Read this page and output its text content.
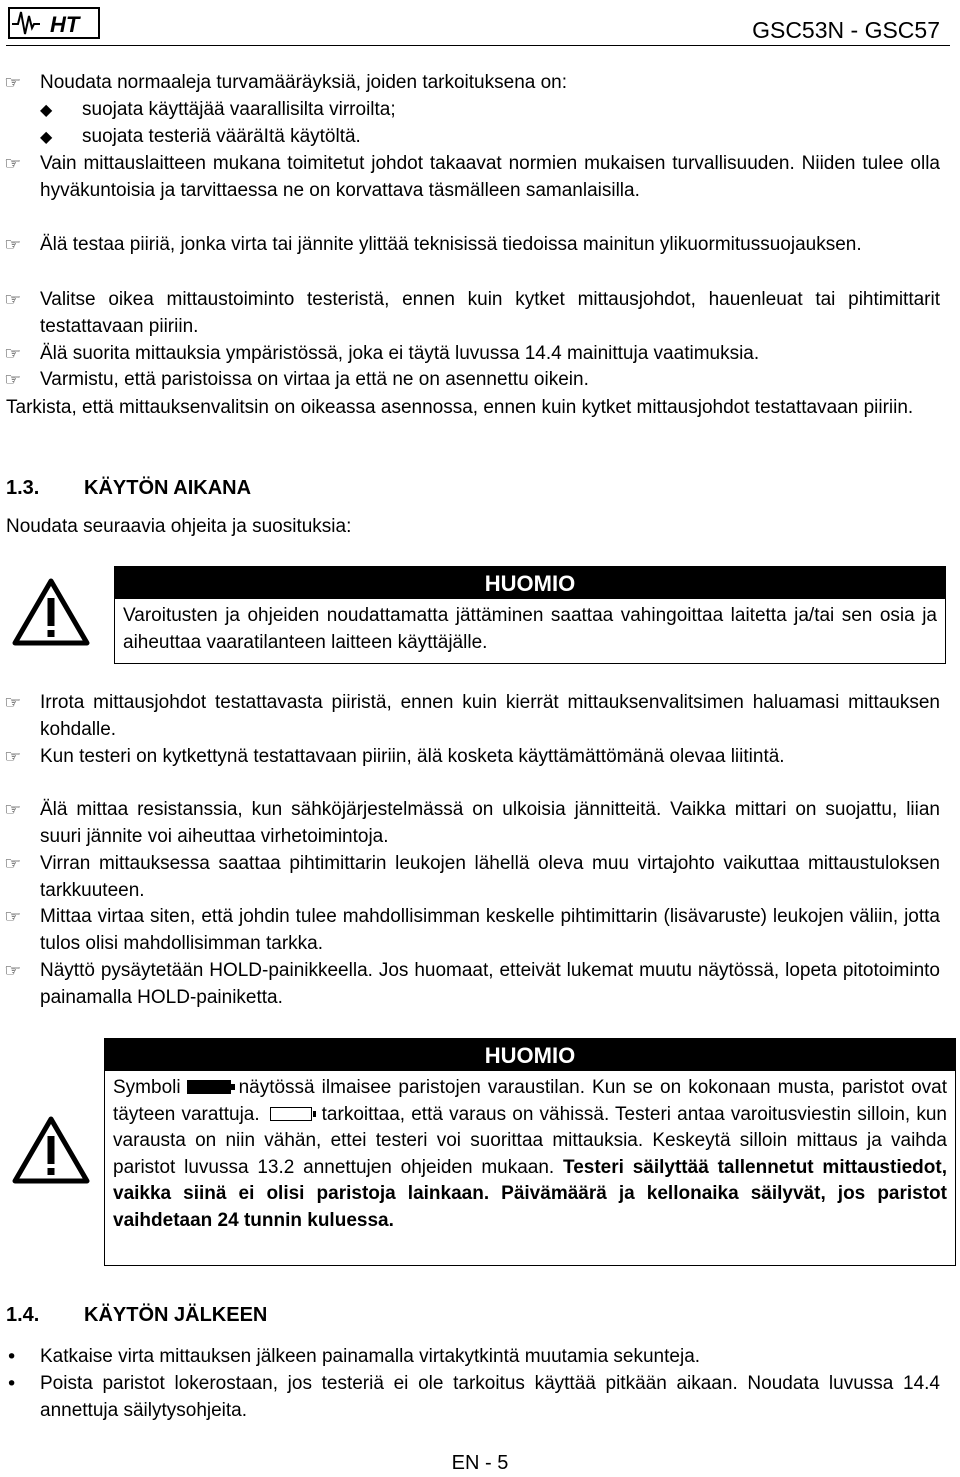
HT	GSC53N - GSC57
☞ Noudata normaaleja turvamääräyksiä, joiden tarkoituksena on:
◆	suojata käyttäjää vaarallisilta virroilta;
◆	suojata testeriä vääräItä käytöltä.
☞ Vain mittauslaitteen mukana toimitetut johdot takaavat normien mukaisen turvallisuuden. Niiden tulee olla hyväkuntoisia ja tarvittaessa ne on korvattava täsmälleen samanlaisilla.
☞ Älä testaa piiriä, jonka virta tai jännite ylittää teknisissä tiedoissa mainitun ylikuormitussuojauksen.
☞ Valitse oikea mittaustoiminto testeristä, ennen kuin kytket mittausjohdot, hauenleuat tai pihtimittarit testattavaan piiriin.
☞ Älä suorita mittauksia ympäristössä, joka ei täytä luvussa 14.4 mainittuja vaatimuksia.
☞ Varmistu, että paristoissa on virtaa ja että ne on asennettu oikein.
Tarkista, että mittauksenvalitsin on oikeassa asennossa, ennen kuin kytket mittausjohdot testattavaan piiriin.
1.3. KÄYTÖN AIKANA
Noudata seuraavia ohjeita ja suosituksia:
HUOMIO
Varoitusten ja ohjeiden noudattamatta jättäminen saattaa vahingoittaa laitetta ja/tai sen osia ja aiheuttaa vaaratilanteen laitteen käyttäjälle.
☞ Irrota mittausjohdot testattavasta piiristä, ennen kuin kierrät mittauksenvalitsimen haluamasi mittauksen kohdalle.
☞ Kun testeri on kytkettynä testattavaan piiriin, älä kosketa käyttämättömänä olevaa liitintä.
☞ Älä mittaa resistanssia, kun sähköjärjestelmässä on ulkoisia jännitteitä. Vaikka mittari on suojattu, liian suuri jännite voi aiheuttaa virhetoimintoja.
☞ Virran mittauksessa saattaa pihtimittarin leukojen lähellä oleva muu virtajohto vaikuttaa mittaustuloksen tarkkuuteen.
☞ Mittaa virtaa siten, että johdin tulee mahdollisimman keskelle pihtimittarin (lisävaruste) leukojen väliin, jotta tulos olisi mahdollisimman tarkka.
☞ Näyttö pysäytetään HOLD-painikkeella. Jos huomaat, etteivät lukemat muutu näytössä, lopeta pitotoiminto painamalla HOLD-painiketta.
HUOMIO
Symboli	näytössä ilmaisee paristojen varaustilan. Kun se on kokonaan musta, paristot ovat täyteen varattuja.	tarkoittaa, että varaus on vähissä. Testeri antaa varoitusviestin silloin, kun varausta on niin vähän, ettei testeri voi suorittaa mittauksia. Keskeytä silloin mittaus ja vaihda paristot luvussa 13.2 annettujen ohjeiden mukaan. Testeri säilyttää tallennetut mittaustiedot, vaikka siinä ei olisi paristoja lainkaan. Päivämäärä ja kellonaika säilyvät, jos paristot vaihdetaan 24 tunnin kuluessa.
1.4. KÄYTÖN JÄLKEEN
•	Katkaise virta mittauksen jälkeen painamalla virtakytkintä muutamia sekunteja.
•	Poista paristot lokerostaan, jos testeriä ei ole tarkoitus käyttää pitkään aikaan. Noudata luvussa 14.4 annettuja säilytysohjeita.
EN - 5
